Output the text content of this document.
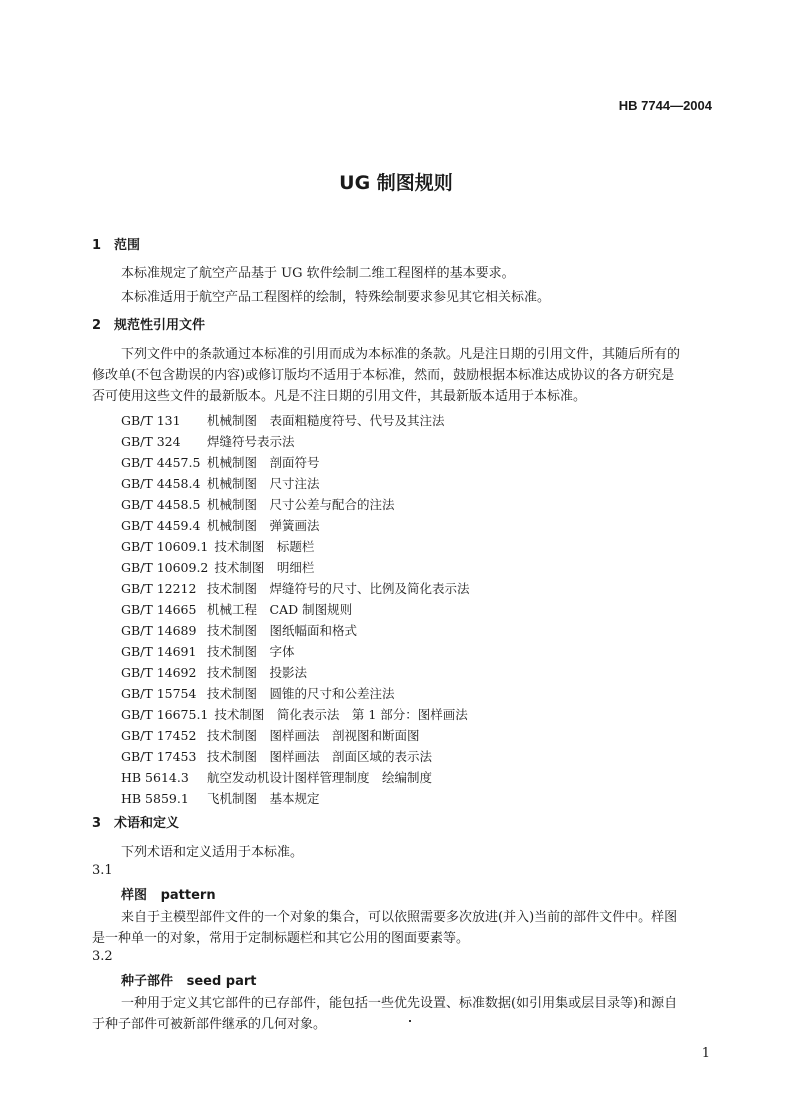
HB 7744—2004
UG 制图规则
1 范围
本标准规定了航空产品基于 UG 软件绘制二维工程图样的基本要求。
本标准适用于航空产品工程图样的绘制，特殊绘制要求参见其它相关标准。
2 规范性引用文件
下列文件中的条款通过本标准的引用而成为本标准的条款。凡是注日期的引用文件，其随后所有的
修改单(不包含勘误的内容)或修订版均不适用于本标准，然而，鼓励根据本标准达成协议的各方研究是
否可使用这些文件的最新版本。凡是不注日期的引用文件，其最新版本适用于本标准。
GB/T 131 机械制图　表面粗糙度符号、代号及其注法
GB/T 324 焊缝符号表示法
GB/T 4457.5 机械制图　剖面符号
GB/T 4458.4 机械制图　尺寸注法
GB/T 4458.5 机械制图　尺寸公差与配合的注法
GB/T 4459.4 机械制图　弹簧画法
GB/T 10609.1 技术制图　标题栏
GB/T 10609.2 技术制图　明细栏
GB/T 12212 技术制图　焊缝符号的尺寸、比例及简化表示法
GB/T 14665 机械工程　CAD 制图规则
GB/T 14689 技术制图　图纸幅面和格式
GB/T 14691 技术制图　字体
GB/T 14692 技术制图　投影法
GB/T 15754 技术制图　圆锥的尺寸和公差注法
GB/T 16675.1 技术制图　简化表示法　第 1 部分：图样画法
GB/T 17452 技术制图　图样画法　剖视图和断面图
GB/T 17453 技术制图　图样画法　剖面区域的表示法
HB 5614.3 航空发动机设计图样管理制度　绘编制度
HB 5859.1 飞机制图　基本规定
3 术语和定义
下列术语和定义适用于本标准。
3.1
样图 pattern
来自于主模型部件文件的一个对象的集合，可以依照需要多次放进(并入)当前的部件文件中。样图
是一种单一的对象，常用于定制标题栏和其它公用的图面要素等。
3.2
种子部件 seed part
一种用于定义其它部件的已存部件，能包括一些优先设置、标准数据(如引用集或层目录等)和源自
于种子部件可被新部件继承的几何对象。
1
